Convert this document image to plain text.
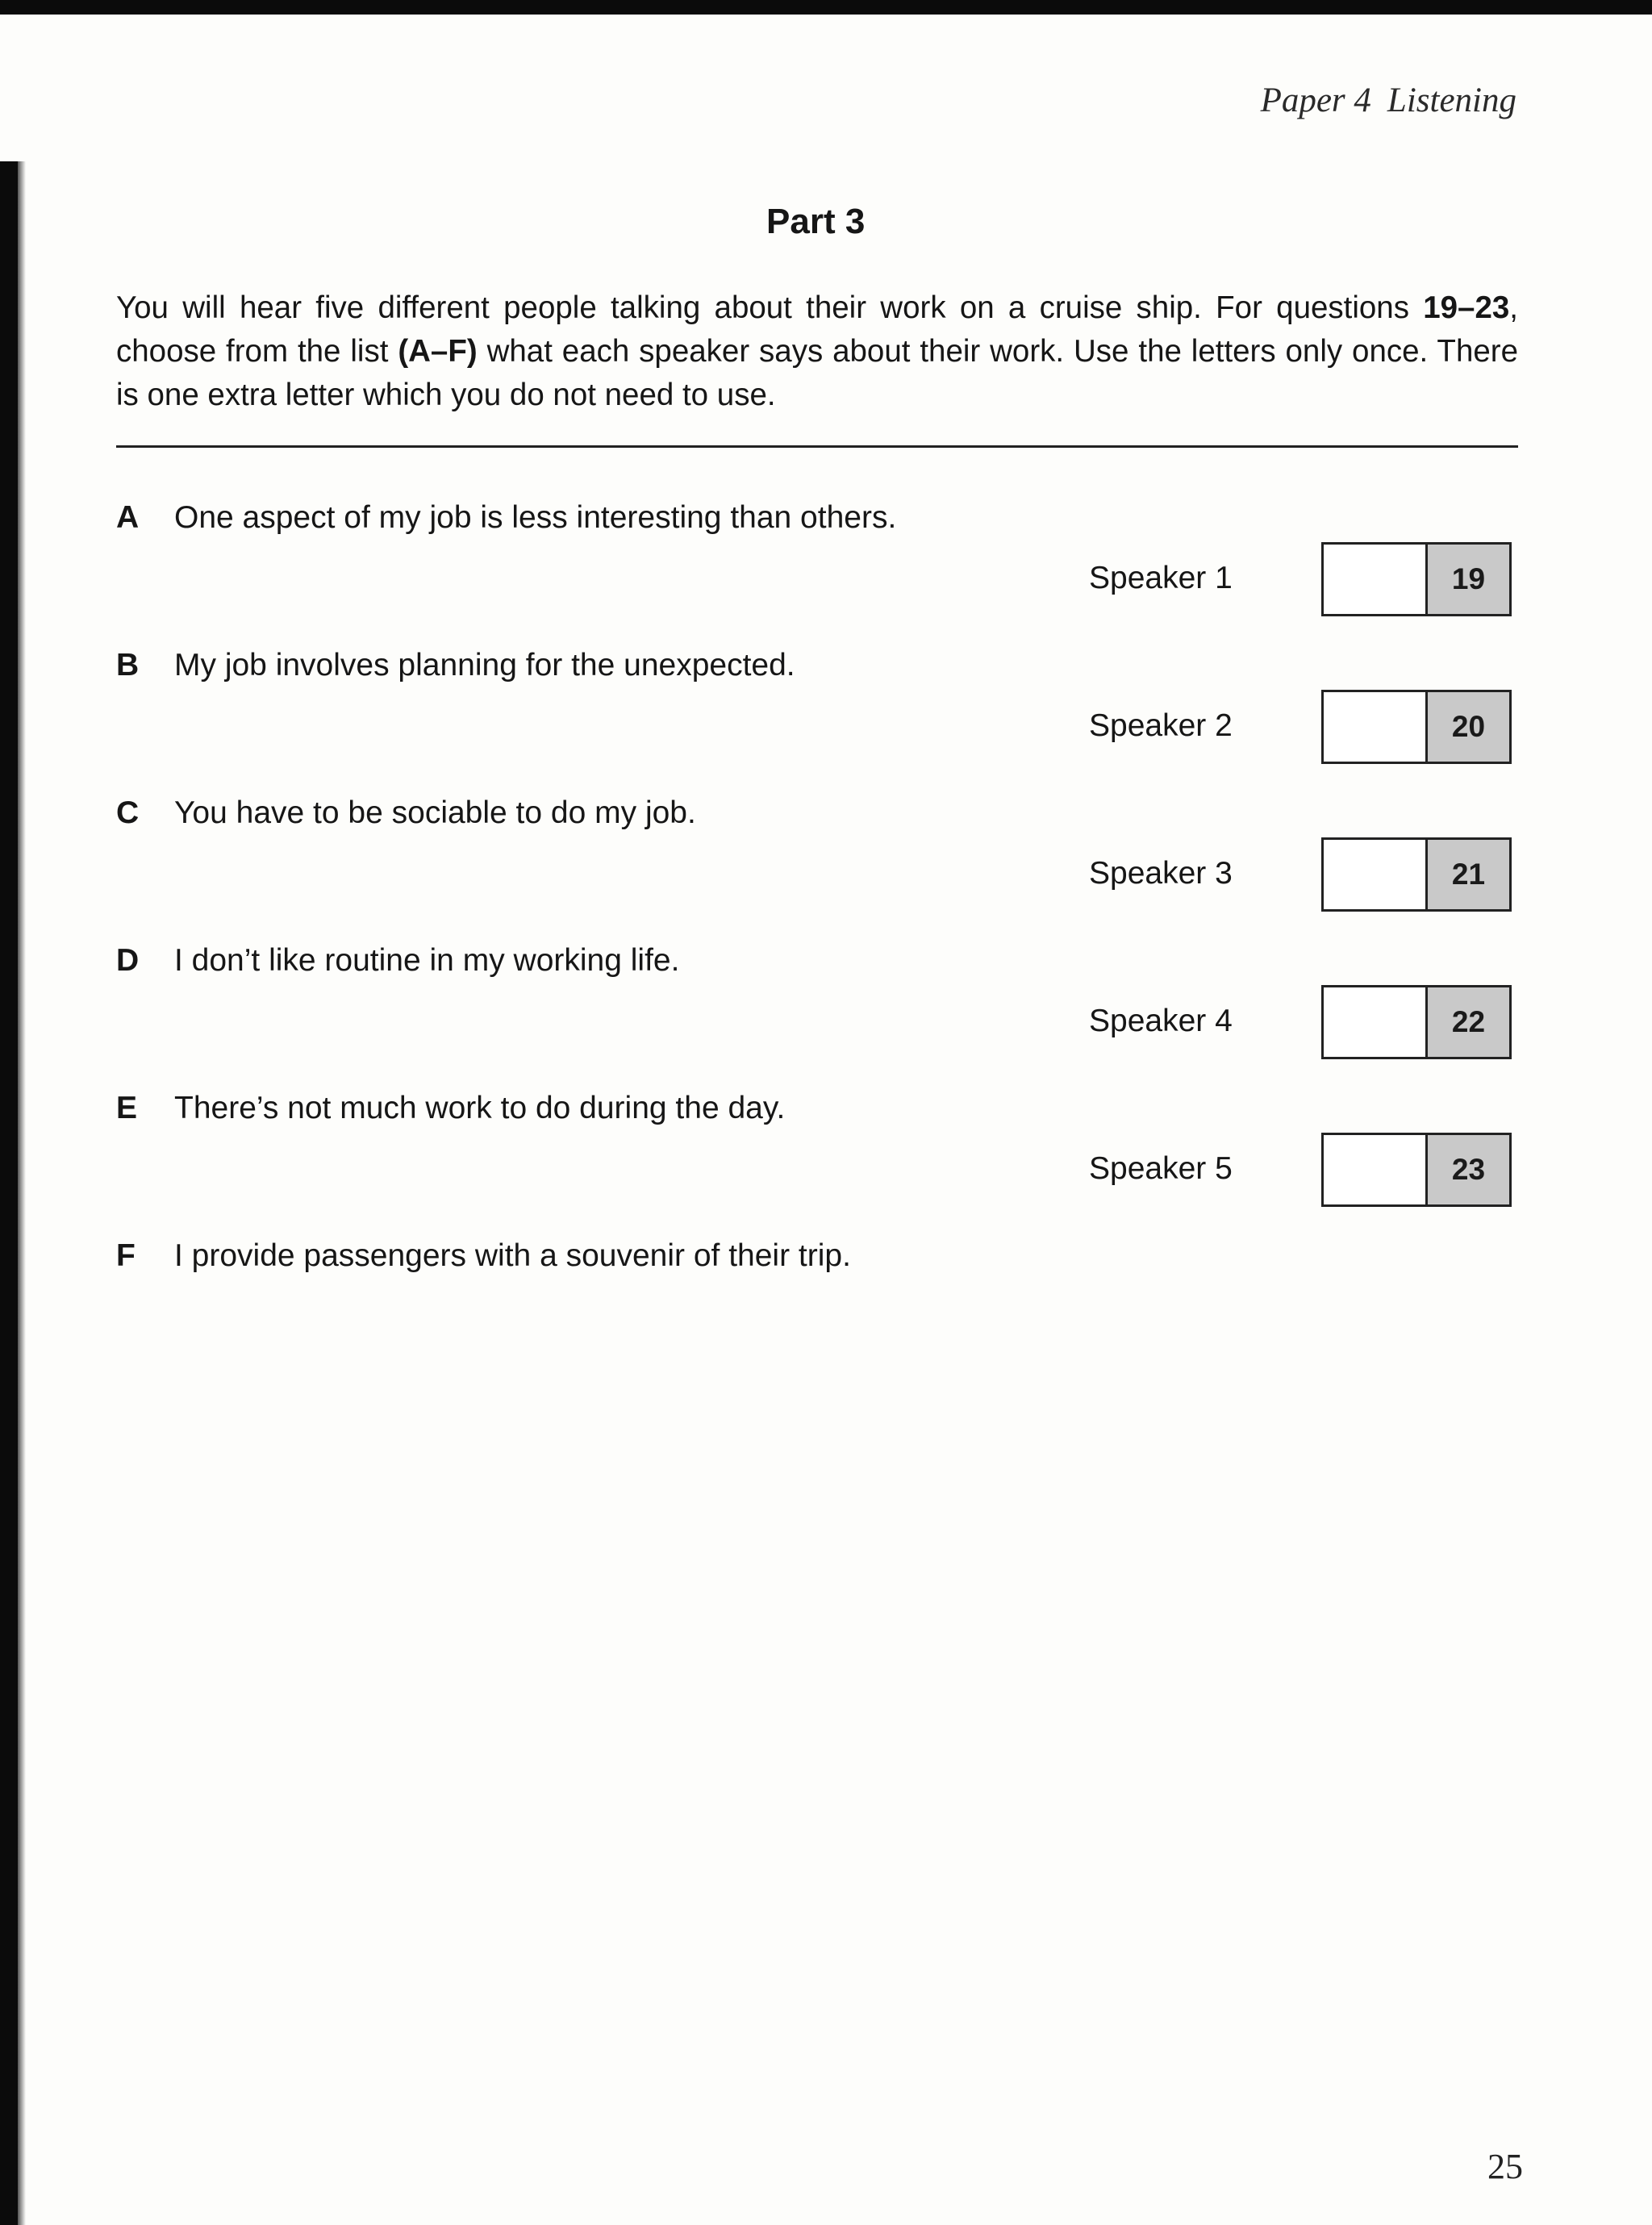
Paper 4 Listening
Part 3

You will hear five different people talking about their work on a cruise ship. For questions 19–23, choose from the list (A–F) what each speaker says about their work. Use the letters only once. There is one extra letter which you do not need to use.

A One aspect of my job is less interesting than others.
B My job involves planning for the unexpected.
C You have to be sociable to do my job.
D I don’t like routine in my working life.
E There’s not much work to do during the day.
F I provide passengers with a souvenir of their trip.
Speaker 1	19
Speaker 2	20
Speaker 3	21
Speaker 4	22
Speaker 5	23
25
